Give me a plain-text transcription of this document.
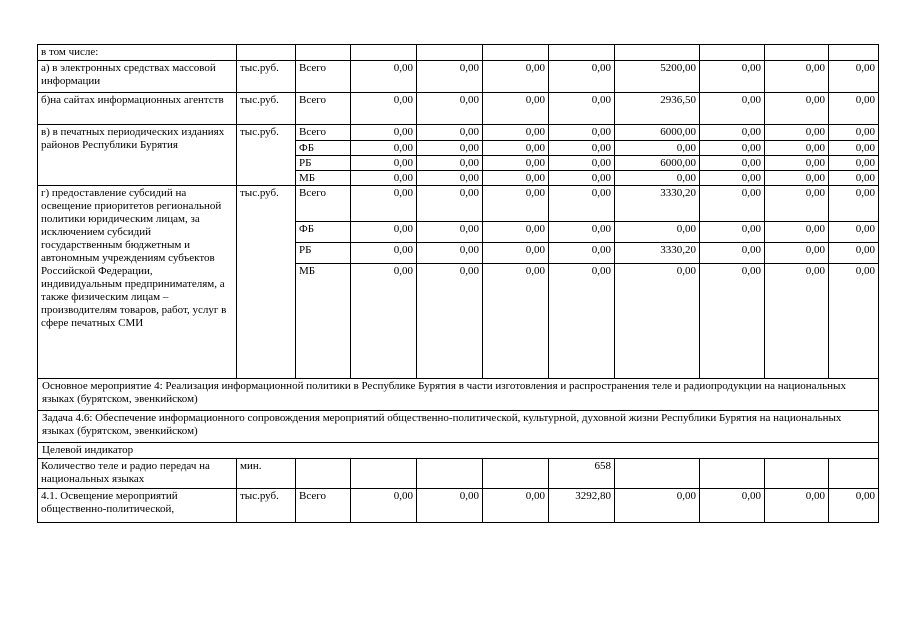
в том числе:										
а) в электронных средствах массовой информации	тыс.руб.	Всего	0,00	0,00	0,00	0,00	5200,00	0,00	0,00	0,00
б)на сайтах информационных агентств	тыс.руб.	Всего	0,00	0,00	0,00	0,00	2936,50	0,00	0,00	0,00
в) в печатных периодических изданиях районов Республики Бурятия	тыс.руб.	Всего	0,00	0,00	0,00	0,00	6000,00	0,00	0,00	0,00
		ФБ	0,00	0,00	0,00	0,00	0,00	0,00	0,00	0,00
		РБ	0,00	0,00	0,00	0,00	6000,00	0,00	0,00	0,00
		МБ	0,00	0,00	0,00	0,00	0,00	0,00	0,00	0,00
г) предоставление субсидий на освещение приоритетов региональной политики юридическим лицам, за исключением субсидий государственным бюджетным и автономным учреждениям субъектов Российской Федерации, индивидуальным предпринимателям, а также физическим лицам – производителям товаров, работ, услуг в сфере печатных СМИ	тыс.руб.	Всего	0,00	0,00	0,00	0,00	3330,20	0,00	0,00	0,00
		ФБ	0,00	0,00	0,00	0,00	0,00	0,00	0,00	0,00
		РБ	0,00	0,00	0,00	0,00	3330,20	0,00	0,00	0,00
		МБ	0,00	0,00	0,00	0,00	0,00	0,00	0,00	0,00
Основное мероприятие 4: Реализация информационной политики в Республике Бурятия в части изготовления и распространения теле и радиопродукции на национальных языках (бурятском, эвенкийском)										
Задача 4.6: Обеспечение информационного сопровождения мероприятий общественно-политической, культурной, духовной жизни Республики Бурятия на национальных языках (бурятском, эвенкийском)										
Целевой индикатор										
Количество теле и радио передач на национальных языках	мин.					658				
4.1. Освещение мероприятий общественно-политической,	тыс.руб.	Всего	0,00	0,00	0,00	3292,80	0,00	0,00	0,00	0,00
